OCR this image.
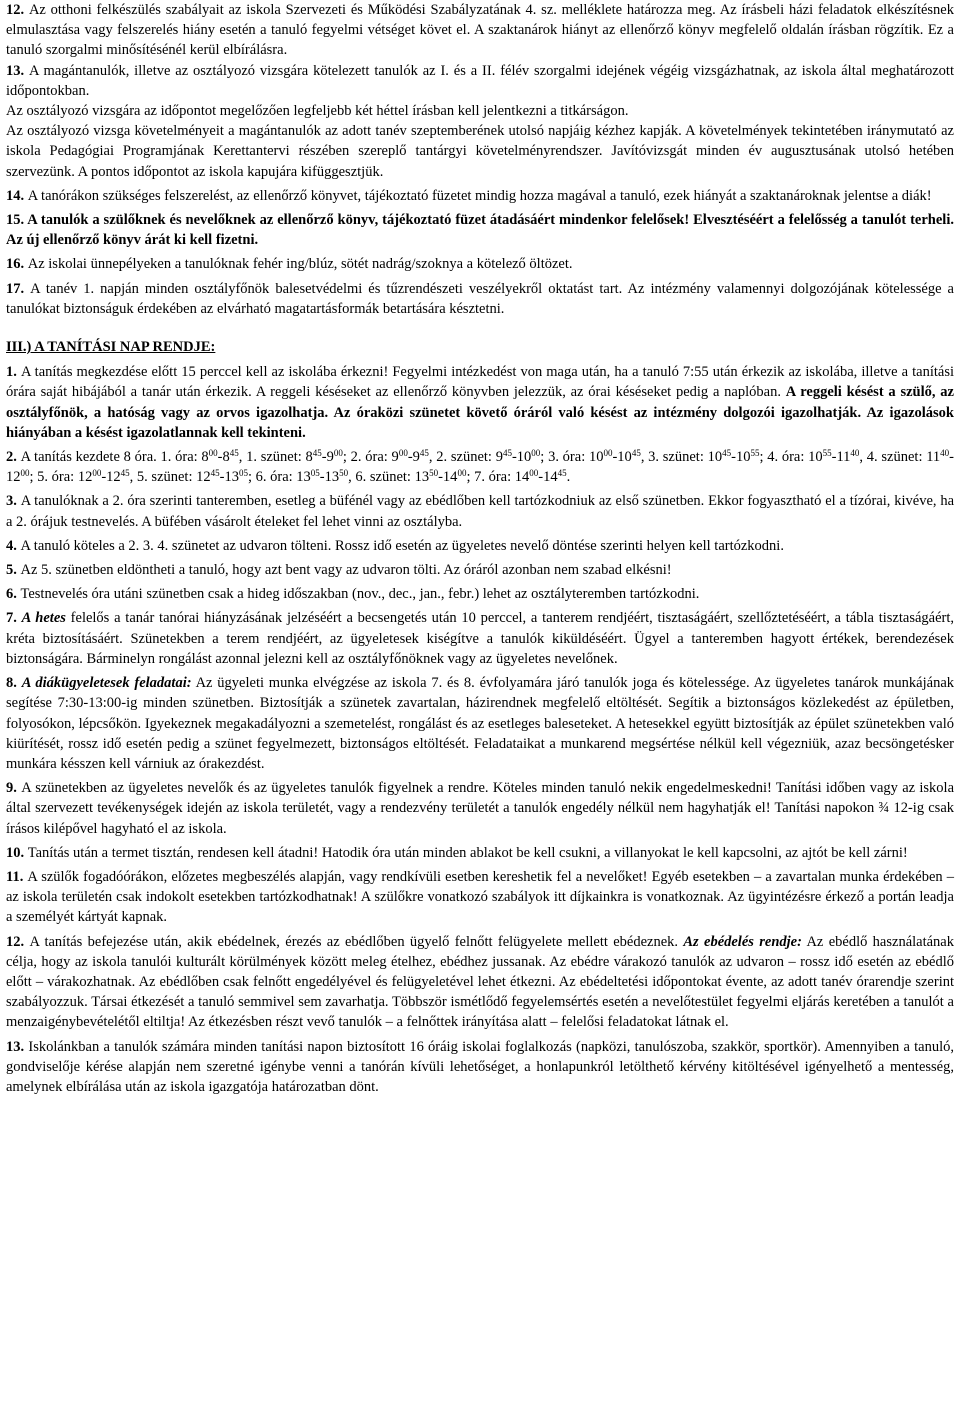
12. Az otthoni felkészülés szabályait az iskola Szervezeti és Működési Szabályzatának 4. sz. melléklete határozza meg. Az írásbeli házi feladatok elkészítésnek elmulasztása vagy felszerelés hiány esetén a tanuló fegyelmi vétséget követ el. A szaktanárok hiányt az ellenőrző könyv megfelelő oldalán írásban rögzítik. Ez a tanuló szorgalmi minősítésénél kerül elbírálásra.
13. A magántanulók, illetve az osztályozó vizsgára kötelezett tanulók az I. és a II. félév szorgalmi idejének végéig vizsgázhatnak, az iskola által meghatározott időpontokban.
Az osztályozó vizsgára az időpontot megelőzően legfeljebb két héttel írásban kell jelentkezni a titkárságon.
Az osztályozó vizsga követelményeit a magántanulók az adott tanév szeptemberének utolsó napjáig kézhez kapják. A követelmények tekintetében iránymutató az iskola Pedagógiai Programjának Kerettantervi részében szereplő tantárgyi követelményrendszer. Javítóvizsgát minden év augusztusának utolsó hetében szervezünk. A pontos időpontot az iskola kapujára kifüggesztjük.
14. A tanórákon szükséges felszerelést, az ellenőrző könyvet, tájékoztató füzetet mindig hozza magával a tanuló, ezek hiányát a szaktanároknak jelentse a diák!
15. A tanulók a szülőknek és nevelőknek az ellenőrző könyv, tájékoztató füzet átadásáért mindenkor felelősek! Elvesztéséért a felelősség a tanulót terheli. Az új ellenőrző könyv árát ki kell fizetni.
16. Az iskolai ünnepélyeken a tanulóknak fehér ing/blúz, sötét nadrág/szoknya a kötelező öltözet.
17. A tanév 1. napján minden osztályfőnök balesetvédelmi és tűzrendészeti veszélyekről oktatást tart. Az intézmény valamennyi dolgozójának kötelessége a tanulókat biztonságuk érdekében az elvárható magatartásformák betartására késztetni.
III.) A TANÍTÁSI NAP RENDJE:
1. A tanítás megkezdése előtt 15 perccel kell az iskolába érkezni! Fegyelmi intézkedést von maga után, ha a tanuló 7:55 után érkezik az iskolába, illetve a tanítási órára saját hibájából a tanár után érkezik. A reggeli késéseket az ellenőrző könyvben jelezzük, az órai késéseket pedig a naplóban. A reggeli késést a szülő, az osztályfőnök, a hatóság vagy az orvos igazolhatja. Az óraközi szünetet követő óráról való késést az intézmény dolgozói igazolhatják. Az igazolások hiányában a késést igazolatlannak kell tekinteni.
2. A tanítás kezdete 8 óra. 1. óra: $8^{00}-8^{45}$, 1. szünet: $8^{45}-9^{00}$; 2. óra: $9^{00}-9^{45}$, 2. szünet: $9^{45}-10^{00}$; 3. óra: $10^{00}-10^{45}$, 3. szünet: $10^{45}-10^{55}$; 4. óra: $10^{55}-11^{40}$, 4. szünet: $11^{40}-12^{00}$; 5. óra: $12^{00}-12^{45}$, 5. szünet: $12^{45}-13^{05}$; 6. óra: $13^{05}-13^{50}$, 6. szünet: $13^{50}-14^{00}$; 7. óra: $14^{00}-14^{45}$.
3. A tanulóknak a 2. óra szerinti tanteremben, esetleg a büfénél vagy az ebédlőben kell tartózkodniuk az első szünetben. Ekkor fogyasztható el a tízórai, kivéve, ha a 2. órájuk testnevelés. A büfében vásárolt ételeket fel lehet vinni az osztályba.
4. A tanuló köteles a 2. 3. 4. szünetet az udvaron tölteni. Rossz idő esetén az ügyeletes nevelő döntése szerinti helyen kell tartózkodni.
5. Az 5. szünetben eldöntheti a tanuló, hogy azt bent vagy az udvaron tölti. Az óráról azonban nem szabad elkésni!
6. Testnevelés óra utáni szünetben csak a hideg időszakban (nov., dec., jan., febr.) lehet az osztályteremben tartózkodni.
7. A hetes felelős a tanár tanórai hiányzásának jelzéséért a becsengetés után 10 perccel, a tanterem rendjéért, tisztaságáért, szellőztetéséért, a tábla tisztaságáért, kréta biztosításáért. Szünetekben a terem rendjéért, az ügyeletesek kiségítve a tanulók kiküldéséért. Ügyel a tanteremben hagyott értékek, berendezések biztonságára. Bárminelyn rongálást azonnal jelezni kell az osztályfőnöknek vagy az ügyeletes nevelőnek.
8. A diákügyeletesek feladatai: Az ügyeleti munka elvégzése az iskola 7. és 8. évfolyamára járó tanulók joga és kötelessége. Az ügyeletes tanárok munkájának segítése 7:30-13:00-ig minden szünetben. Biztosítják a szünetek zavartalan, házirendnek megfelelő eltöltését. Segítik a biztonságos közlekedést az épületben, folyosókon, lépcsőkön. Igyekeznek megakadályozni a szemetelést, rongálást és az esetleges baleseteket. A hetesekkel együtt biztosítják az épület szünetekben való kiürítését, rossz idő esetén pedig a szünet fegyelmezett, biztonságos eltöltését. Feladataikat a munkarend megsértése nélkül kell végezniük, azaz becsöngetésker munkára késszen kell várniuk az órakezdést.
9. A szünetekben az ügyeletes nevelők és az ügyeletes tanulók figyelnek a rendre. Köteles minden tanuló nekik engedelmeskedni! Tanítási időben vagy az iskola által szervezett tevékenységek idején az iskola területét, vagy a rendezvény területét a tanulók engedély nélkül nem hagyhatják el! Tanítási napokon ¾ 12-ig csak írásos kilépővel hagyható el az iskola.
10. Tanítás után a termet tisztán, rendesen kell átadni! Hatodik óra után minden ablakot be kell csukni, a villanyokat le kell kapcsolni, az ajtót be kell zárni!
11. A szülők fogadóórákon, előzetes megbeszélés alapján, vagy rendkívüli esetben kereshetik fel a nevelőket! Egyéb esetekben – a zavartalan munka érdekében – az iskola területén csak indokolt esetekben tartózkodhatnak! A szülőkre vonatkozó szabályok itt díjkainkra is vonatkoznak. Az ügyintézésre érkező a portán leadja a személyét kártyát kapnak.
12. A tanítás befejezése után, akik ebédelnek, érezés az ebédlőben ügyelő felnőtt felügyelete mellett ebédeznek. Az ebédelés rendje: Az ebédlő használatának célja, hogy az iskola tanulói kulturált körülmények között meleg ételhez, ebédhez jussanak. Az ebédre várakozó tanulók az udvaron – rossz idő esetén az ebédlő előtt – várakozhatnak. Az ebédlőben csak felnőtt engedélyével és felügyeletével lehet étkezni. Az ebédeltetési időpontokat évente, az adott tanév órarendje szerint szabályozzuk. Társai étkezését a tanuló semmivel sem zavarhatja. Többször ismétlődő fegyelemsértés esetén a nevelőtestület fegyelmi eljárás keretében a tanulót a menzaigénybevételétől eltiltja! Az étkezésben részt vevő tanulók – a felnőttek irányítása alatt – felelősi feladatokat látnak el.
13. Iskolánkban a tanulók számára minden tanítási napon biztosított 16 óráig iskolai foglalkozás (napközi, tanulószoba, szakkör, sportkör). Amennyiben a tanuló, gondviselője kérése alapján nem szeretné igénybe venni a tanórán kívüli lehetőséget, a honlapunkról letölthető kérvény kitöltésével igényelhető a mentesség, amelynek elbírálása után az iskola igazgatója határozatban dönt.
